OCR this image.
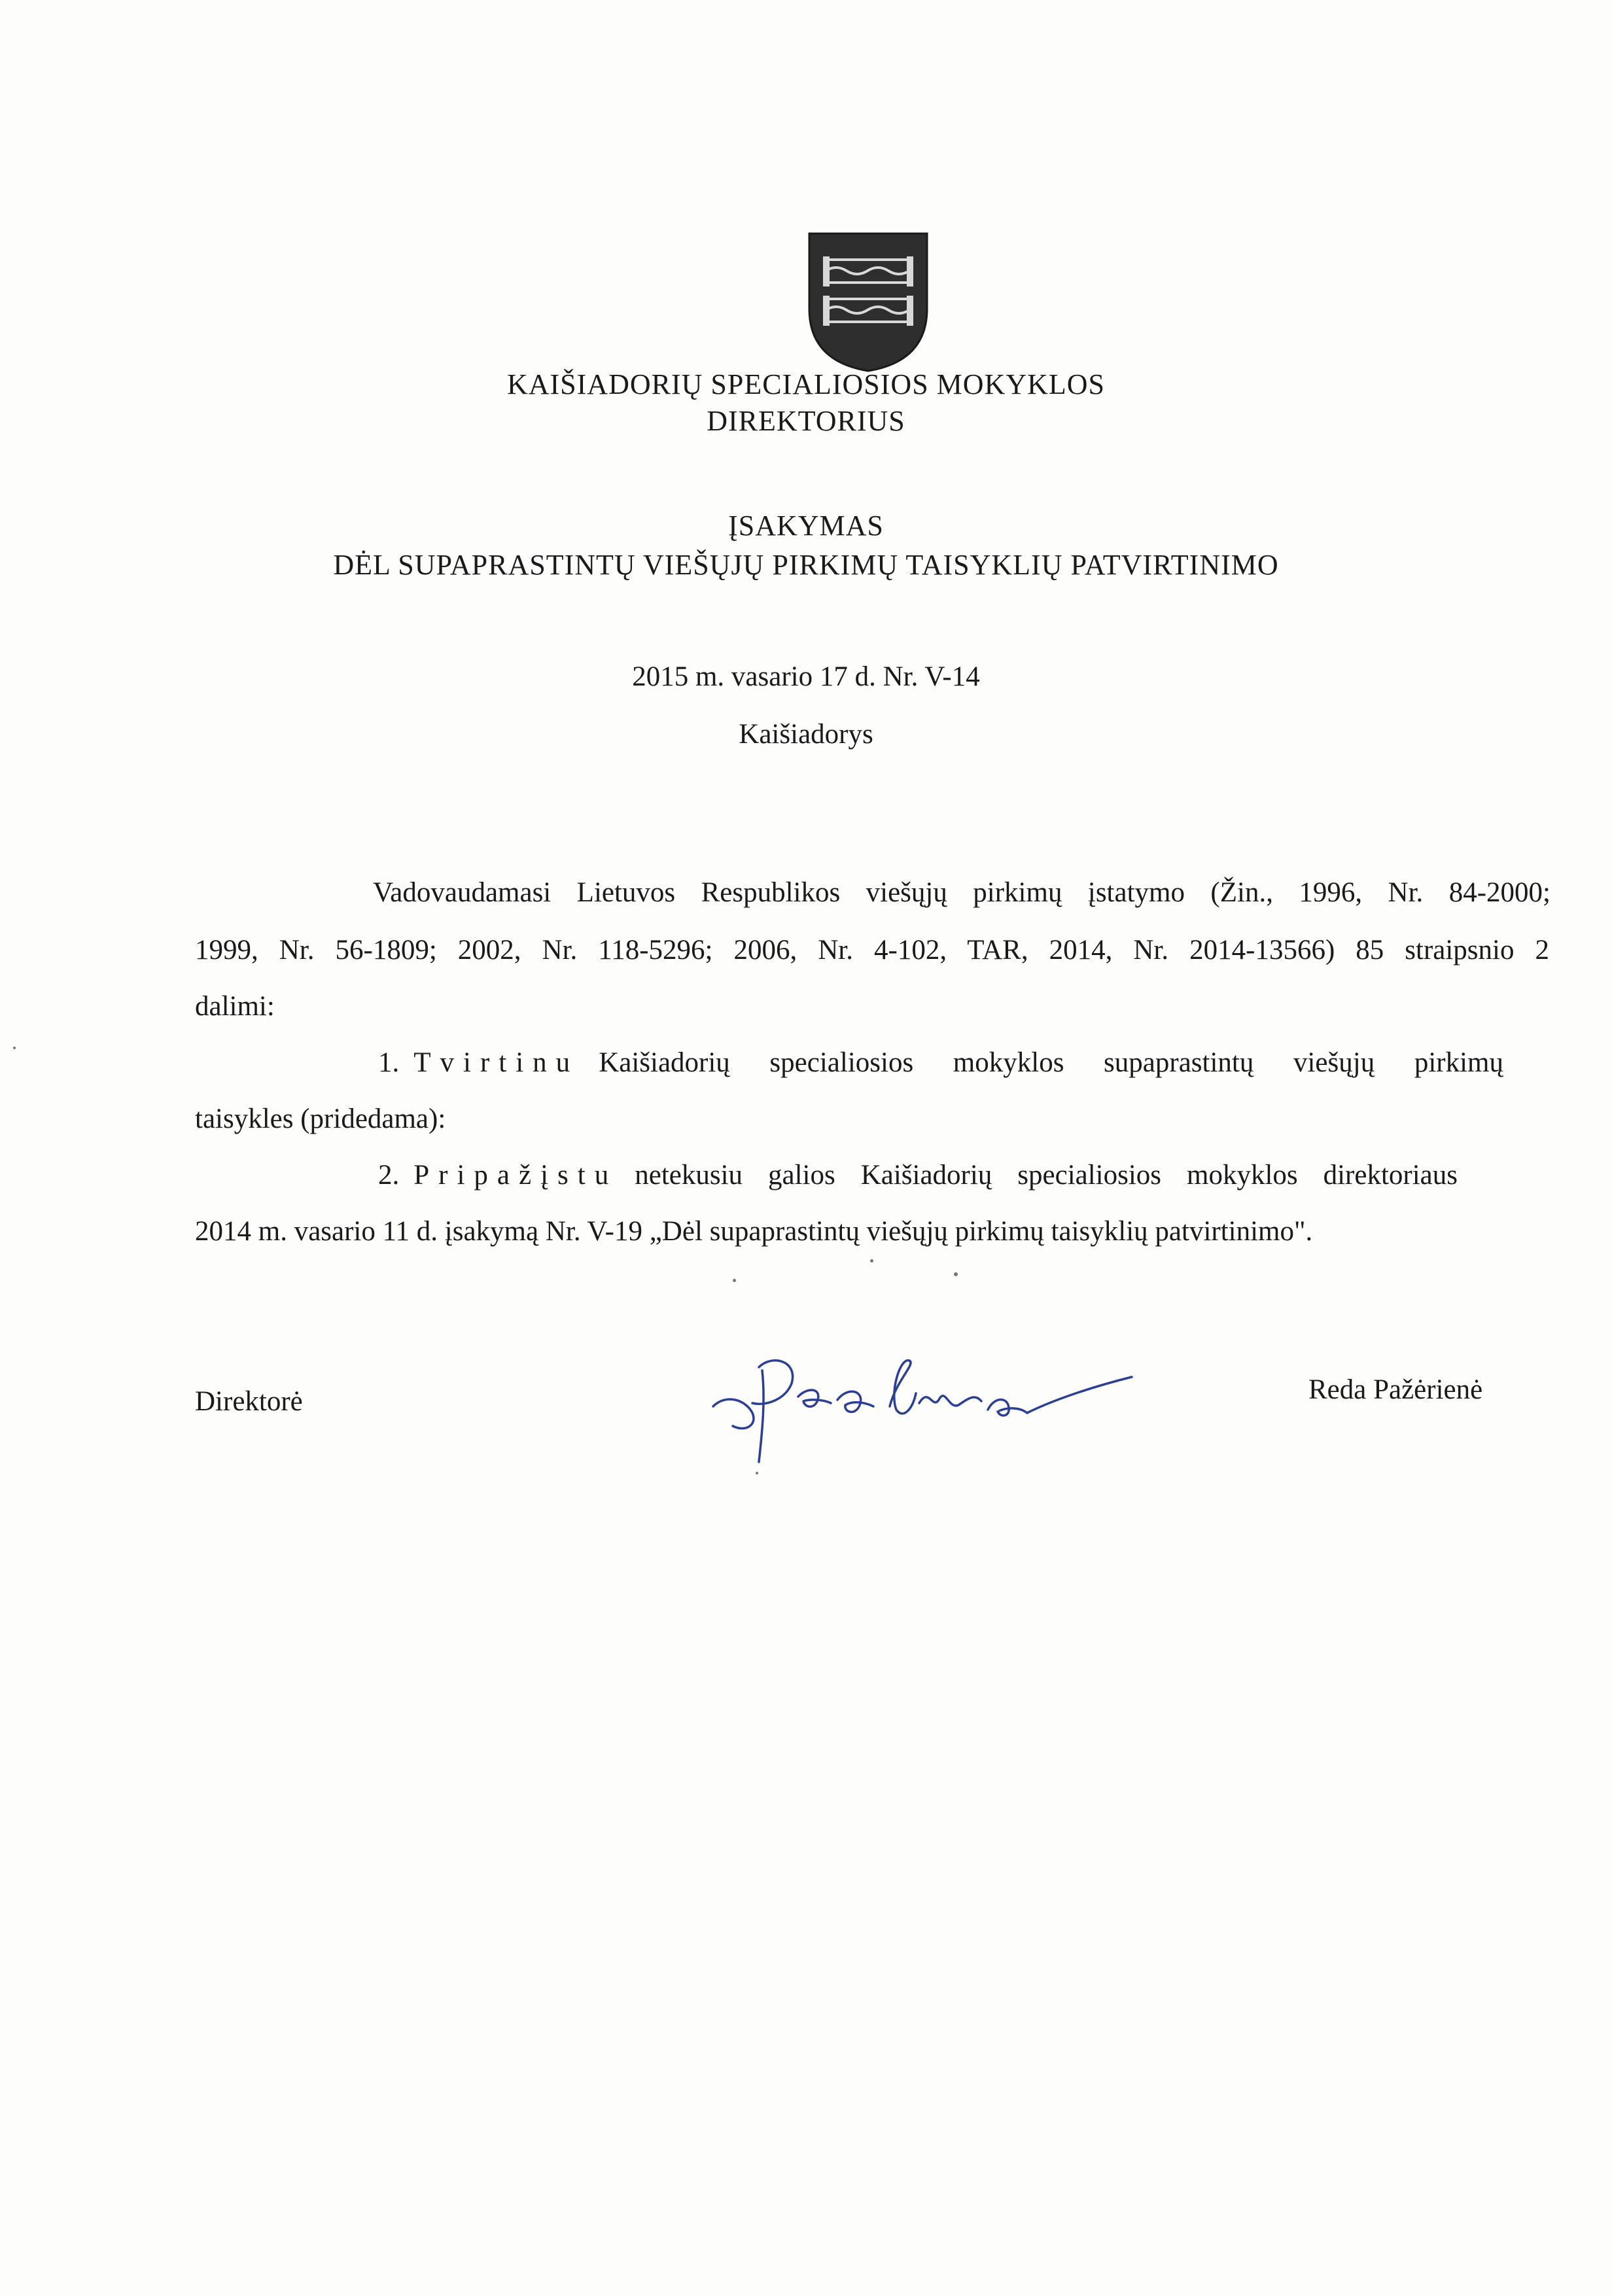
KAIŠIADORIŲ SPECIALIOSIOS MOKYKLOS
DIREKTORIUS
ĮSAKYMAS
DĖL SUPAPRASTINTŲ VIEŠŲJŲ PIRKIMŲ TAISYKLIŲ PATVIRTINIMO
2015 m. vasario 17 d. Nr. V-14
Kaišiadorys
Vadovaudamasi Lietuvos Respublikos viešųjų pirkimų įstatymo (Žin., 1996, Nr. 84-2000;
1999, Nr. 56-1809; 2002, Nr. 118-5296; 2006, Nr. 4-102, TAR, 2014, Nr. 2014-13566) 85 straipsnio 2
dalimi:
1. Tvirtinu Kaišiadorių specialiosios mokyklos supaprastintų viešųjų pirkimų
taisykles (pridedama):
2. Pripažįstu netekusiu galios Kaišiadorių specialiosios mokyklos direktoriaus
2014 m. vasario 11 d. įsakymą Nr. V-19 „Dėl supaprastintų viešųjų pirkimų taisyklių patvirtinimo".
Direktorė	Reda Pažėrienė
